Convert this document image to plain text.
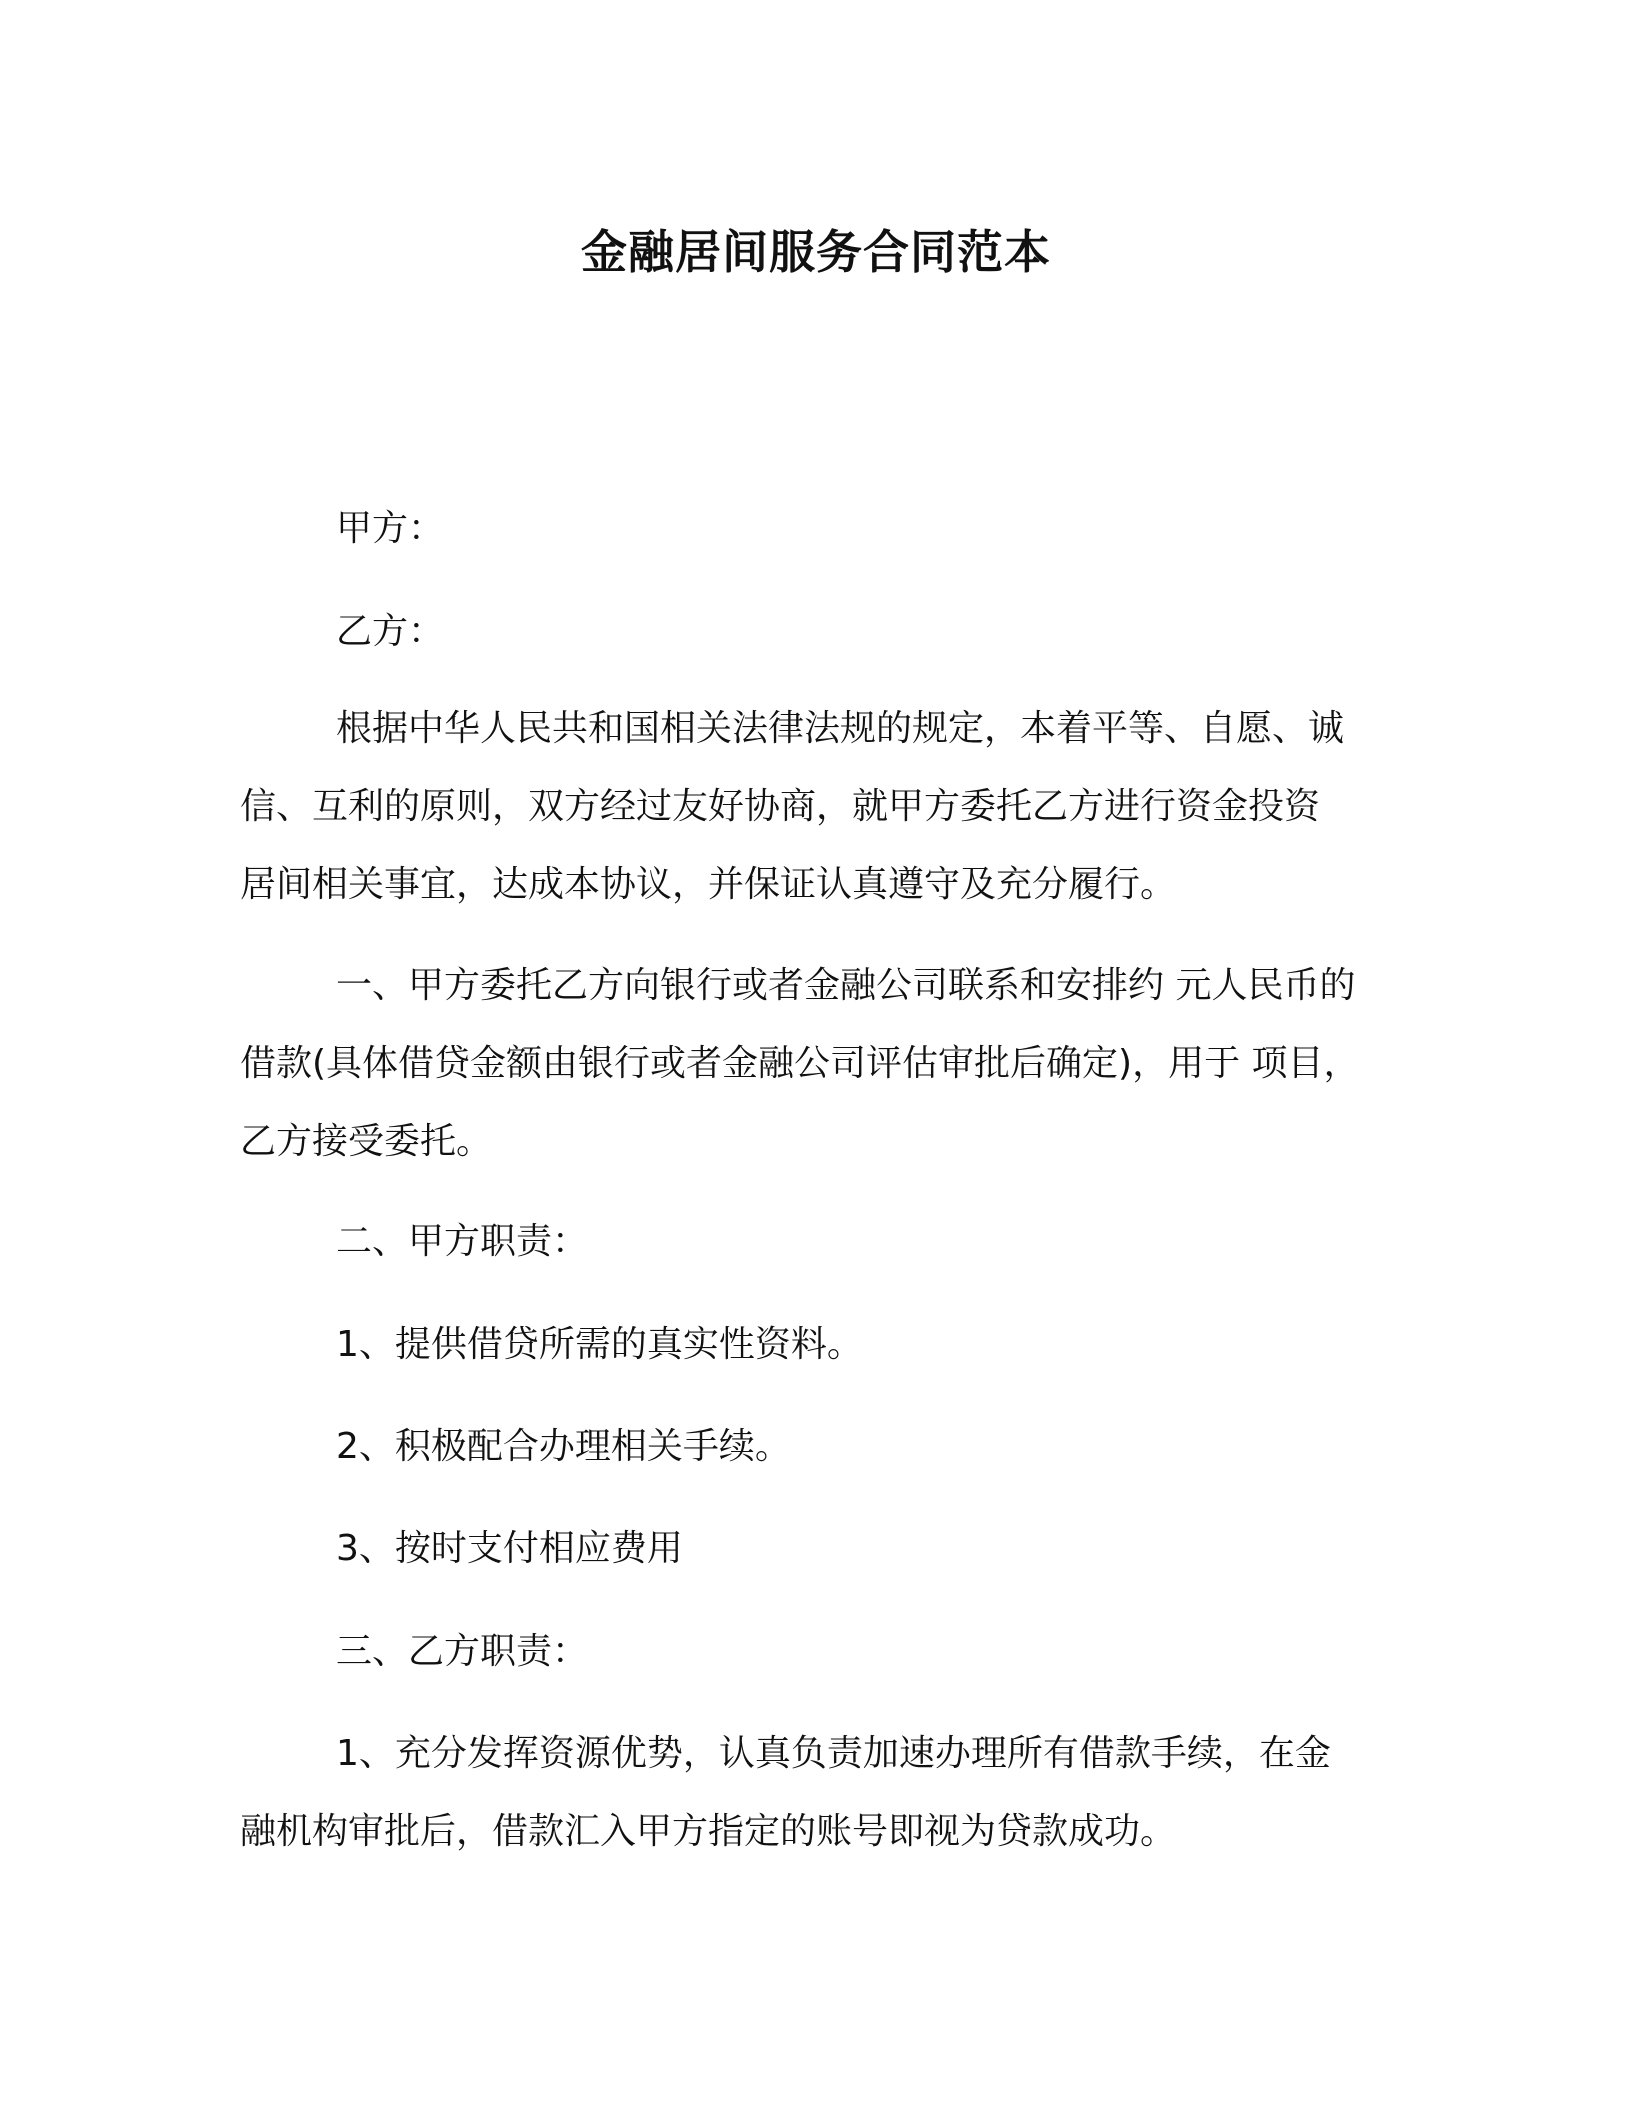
金融居间服务合同范本
甲方：
乙方：
根据中华人民共和国相关法律法规的规定，本着平等、自愿、诚
信、互利的原则，双方经过友好协商，就甲方委托乙方进行资金投资
居间相关事宜，达成本协议，并保证认真遵守及充分履行。
一、甲方委托乙方向银行或者金融公司联系和安排约 元人民币的
借款(具体借贷金额由银行或者金融公司评估审批后确定)，用于 项目，
乙方接受委托。
二、甲方职责：
1、提供借贷所需的真实性资料。
2、积极配合办理相关手续。
3、按时支付相应费用
三、乙方职责：
1、充分发挥资源优势，认真负责加速办理所有借款手续，在金
融机构审批后，借款汇入甲方指定的账号即视为贷款成功。
